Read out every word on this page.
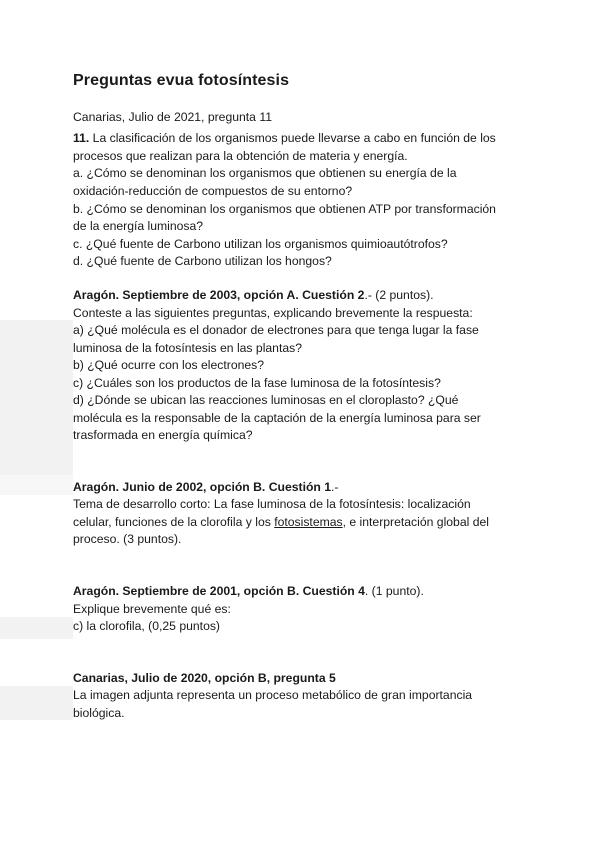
Preguntas evua fotosíntesis
Canarias, Julio de 2021, pregunta 11
11. La clasificación de los organismos puede llevarse a cabo en función de los
procesos que realizan para la obtención de materia y energía.
a. ¿Cómo se denominan los organismos que obtienen su energía de la
oxidación-reducción de compuestos de su entorno?
b. ¿Cómo se denominan los organismos que obtienen ATP por transformación
de la energía luminosa?
c. ¿Qué fuente de Carbono utilizan los organismos quimioautótrofos?
d. ¿Qué fuente de Carbono utilizan los hongos?
Aragón. Septiembre de 2003, opción A. Cuestión 2.- (2 puntos).
Conteste a las siguientes preguntas, explicando brevemente la respuesta:
a) ¿Qué molécula es el donador de electrones para que tenga lugar la fase
luminosa de la fotosíntesis en las plantas?
b) ¿Qué ocurre con los electrones?
c) ¿Cuáles son los productos de la fase luminosa de la fotosíntesis?
d) ¿Dónde se ubican las reacciones luminosas en el cloroplasto? ¿Qué
molécula es la responsable de la captación de la energía luminosa para ser
trasformada en energía química?
Aragón. Junio de 2002, opción B. Cuestión 1.-
Tema de desarrollo corto: La fase luminosa de la fotosíntesis: localización
celular, funciones de la clorofila y los fotosistemas, e interpretación global del
proceso. (3 puntos).
Aragón. Septiembre de 2001, opción B. Cuestión 4. (1 punto).
Explique brevemente qué es:
c) la clorofila, (0,25 puntos)
Canarias, Julio de 2020, opción B, pregunta 5
La imagen adjunta representa un proceso metabólico de gran importancia
biológica.
